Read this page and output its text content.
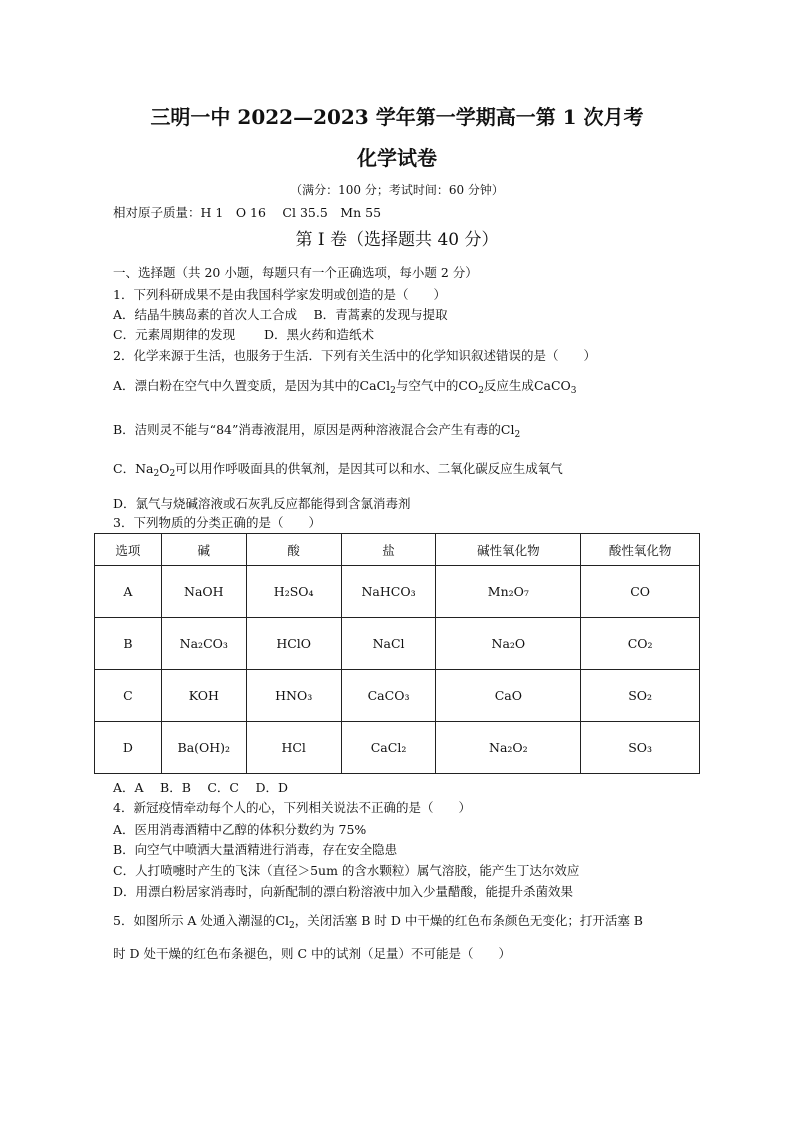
三明一中 2022—2023 学年第一学期高一第 1 次月考
化学试卷
（满分：100 分；考试时间：60 分钟）
相对原子质量：H 1　O 16　 Cl 35.5　Mn 55
第 I 卷（选择题共 40 分）
一、选择题（共 20 小题，每题只有一个正确选项，每小题 2 分）
1．下列科研成果不是由我国科学家发明或创造的是（　　）
A．结晶牛胰岛素的首次人工合成　 B．青蒿素的发现与提取
C．元素周期律的发现　　 D．黑火药和造纸术
2．化学来源于生活，也服务于生活．下列有关生活中的化学知识叙述错误的是（　　）
A．漂白粉在空气中久置变质，是因为其中的CaCl$_2$与空气中的$CO_2$反应生成CaCO$_3$
B．洁则灵不能与“84”消毒液混用，原因是两种溶液混合会产生有毒的$Cl_2$
C．$Na_2O_2$可以用作呼吸面具的供氧剂，是因其可以和水、二氧化碳反应生成氧气
D．氯气与烧碱溶液或石灰乳反应都能得到含氯消毒剂
3．下列物质的分类正确的是（　　）
选项	碱	酸	盐	碱性氧化物	酸性氧化物
A	NaOH	H₂SO₄	NaHCO₃	Mn₂O₇	CO
B	Na₂CO₃	HClO	NaCl	Na₂O	CO₂
C	KOH	HNO₃	CaCO₃	CaO	SO₂
D	Ba(OH)₂	HCl	CaCl₂	Na₂O₂	SO₃
A．A　 B．B　 C．C　 D．D
4．新冠疫情牵动每个人的心，下列相关说法不正确的是（　　）
A．医用消毒酒精中乙醇的体积分数约为 75%
B．向空气中喷洒大量酒精进行消毒，存在安全隐患
C．人打喷嚏时产生的飞沫（直径＞5um 的含水颗粒）属气溶胶，能产生丁达尔效应
D．用漂白粉居家消毒时，向新配制的漂白粉溶液中加入少量醋酸，能提升杀菌效果
5．如图所示 A 处通入潮湿的$Cl_2$，关闭活塞 B 时 D 中干燥的红色布条颜色无变化；打开活塞 B
时 D 处干燥的红色布条褪色，则 C 中的试剂（足量）不可能是（　　）
